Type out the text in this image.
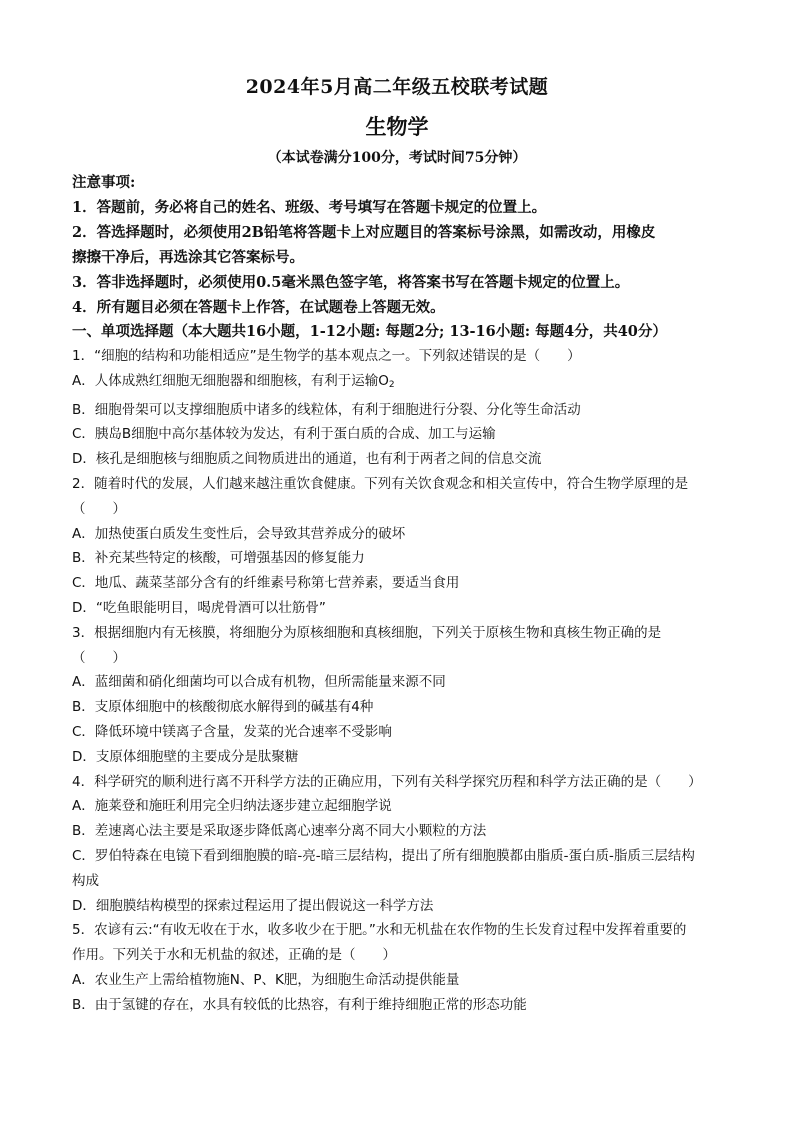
2024年5月高二年级五校联考试题
生物学
（本试卷满分100分，考试时间75分钟）
注意事项:
1．答题前，务必将自己的姓名、班级、考号填写在答题卡规定的位置上。
2．答选择题时，必须使用2B铅笔将答题卡上对应题目的答案标号涂黑，如需改动，用橡皮
擦擦干净后，再选涂其它答案标号。
3．答非选择题时，必须使用0.5毫米黑色签字笔，将答案书写在答题卡规定的位置上。
4．所有题目必须在答题卡上作答，在试题卷上答题无效。
一、单项选择题（本大题共16小题，1-12小题: 每题2分; 13-16小题: 每题4分，共40分）
1．“细胞的结构和功能相适应”是生物学的基本观点之一。下列叙述错误的是（　　）
A．人体成熟红细胞无细胞器和细胞核，有利于运输$O_2$
B．细胞骨架可以支撑细胞质中诸多的线粒体，有利于细胞进行分裂、分化等生命活动
C．胰岛B细胞中高尔基体较为发达，有利于蛋白质的合成、加工与运输
D．核孔是细胞核与细胞质之间物质进出的通道，也有利于两者之间的信息交流
2．随着时代的发展，人们越来越注重饮食健康。下列有关饮食观念和相关宣传中，符合生物学原理的是
（　　）
A．加热使蛋白质发生变性后，会导致其营养成分的破坏
B．补充某些特定的核酸，可增强基因的修复能力
C．地瓜、蔬菜茎部分含有的纤维素号称第七营养素，要适当食用
D．“吃鱼眼能明目，喝虎骨酒可以壮筋骨”
3．根据细胞内有无核膜，将细胞分为原核细胞和真核细胞，下列关于原核生物和真核生物正确的是
（　　）
A．蓝细菌和硝化细菌均可以合成有机物，但所需能量来源不同
B．支原体细胞中的核酸彻底水解得到的碱基有4种
C．降低环境中镁离子含量，发菜的光合速率不受影响
D．支原体细胞壁的主要成分是肽聚糖
4．科学研究的顺利进行离不开科学方法的正确应用，下列有关科学探究历程和科学方法正确的是（　　）
A．施莱登和施旺利用完全归纳法逐步建立起细胞学说
B．差速离心法主要是采取逐步降低离心速率分离不同大小颗粒的方法
C．罗伯特森在电镜下看到细胞膜的暗-亮-暗三层结构，提出了所有细胞膜都由脂质-蛋白质-脂质三层结构
构成
D．细胞膜结构模型的探索过程运用了提出假说这一科学方法
5．农谚有云:“有收无收在于水，收多收少在于肥。”水和无机盐在农作物的生长发育过程中发挥着重要的
作用。下列关于水和无机盐的叙述，正确的是（　　）
A．农业生产上需给植物施N、P、K肥，为细胞生命活动提供能量
B．由于氢键的存在，水具有较低的比热容，有利于维持细胞正常的形态功能
